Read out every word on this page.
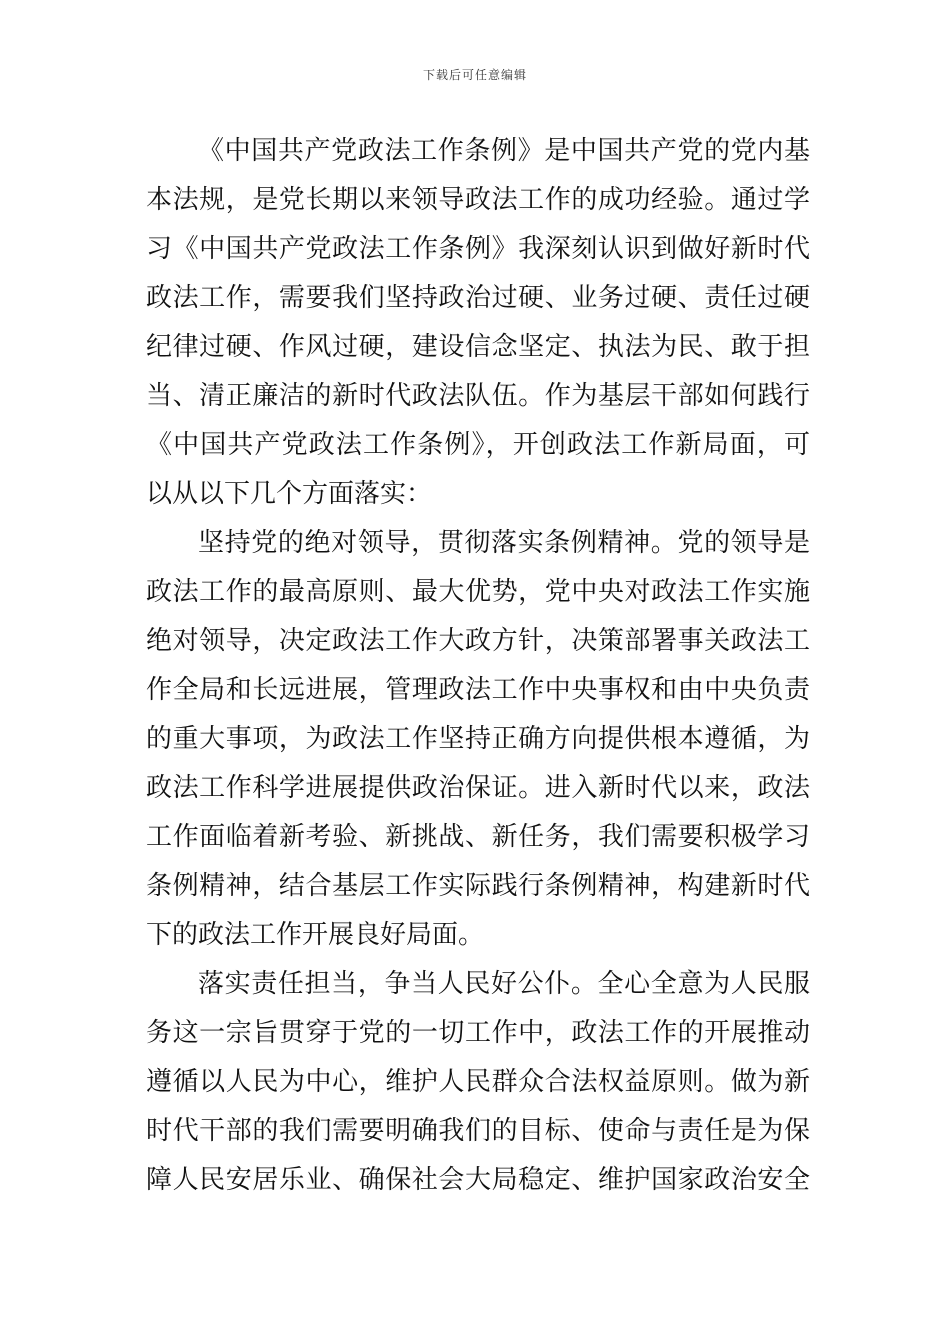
下载后可任意编辑
《中国共产党政法工作条例》是中国共产党的党内基
本法规，是党长期以来领导政法工作的成功经验。通过学
习《中国共产党政法工作条例》我深刻认识到做好新时代
政法工作，需要我们坚持政治过硬、业务过硬、责任过硬
纪律过硬、作风过硬，建设信念坚定、执法为民、敢于担
当、清正廉洁的新时代政法队伍。作为基层干部如何践行
《中国共产党政法工作条例》，开创政法工作新局面，可
以从以下几个方面落实：
坚持党的绝对领导，贯彻落实条例精神。党的领导是
政法工作的最高原则、最大优势，党中央对政法工作实施
绝对领导，决定政法工作大政方针，决策部署事关政法工
作全局和长远进展，管理政法工作中央事权和由中央负责
的重大事项，为政法工作坚持正确方向提供根本遵循，为
政法工作科学进展提供政治保证。进入新时代以来，政法
工作面临着新考验、新挑战、新任务，我们需要积极学习
条例精神，结合基层工作实际践行条例精神，构建新时代
下的政法工作开展良好局面。
落实责任担当，争当人民好公仆。全心全意为人民服
务这一宗旨贯穿于党的一切工作中，政法工作的开展推动
遵循以人民为中心，维护人民群众合法权益原则。做为新
时代干部的我们需要明确我们的目标、使命与责任是为保
障人民安居乐业、确保社会大局稳定、维护国家政治安全
